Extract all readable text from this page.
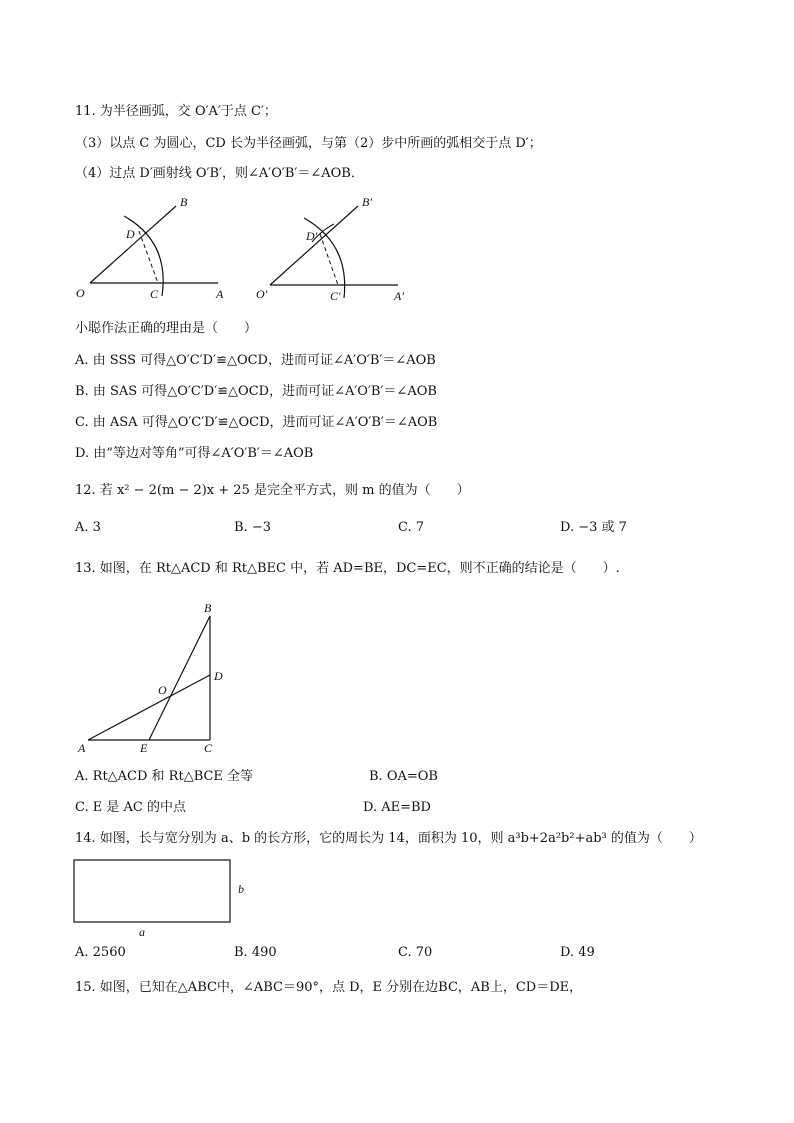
11. 为半径画弧，交 O′A′于点 C′；
（3）以点 C 为圆心，CD 长为半径画弧，与第（2）步中所画的弧相交于点 D′；
（4）过点 D′画射线 O′B′，则∠A′O′B′＝∠AOB．
B
D
O	C	A
B′
D′
O′	C′	A′
小聪作法正确的理由是（　　）
A. 由 SSS 可得△O′C′D′≌△OCD，进而可证∠A′O′B′＝∠AOB
B. 由 SAS 可得△O′C′D′≌△OCD，进而可证∠A′O′B′＝∠AOB
C. 由 ASA 可得△O′C′D′≌△OCD，进而可证∠A′O′B′＝∠AOB
D. 由“等边对等角”可得∠A′O′B′＝∠AOB
12. 若 x² − 2(m − 2)x + 25 是完全平方式，则 m 的值为（　　）
A. 3	B. −3	C. 7	D. −3 或 7
13. 如图，在 Rt△ACD 和 Rt△BEC 中，若 AD=BE，DC=EC，则不正确的结论是（　　）.
B
D
O
A	E	C
A. Rt△ACD 和 Rt△BCE 全等	B. OA=OB
C. E 是 AC 的中点	D. AE=BD
14. 如图，长与宽分别为 a、b 的长方形，它的周长为 14，面积为 10，则 a³b+2a²b²+ab³ 的值为（　　）
b
a
A. 2560	B. 490	C. 70	D. 49
15. 如图，已知在△ABC中，∠ABC＝90°，点 D，E 分别在边BC，AB上，CD＝DE，
